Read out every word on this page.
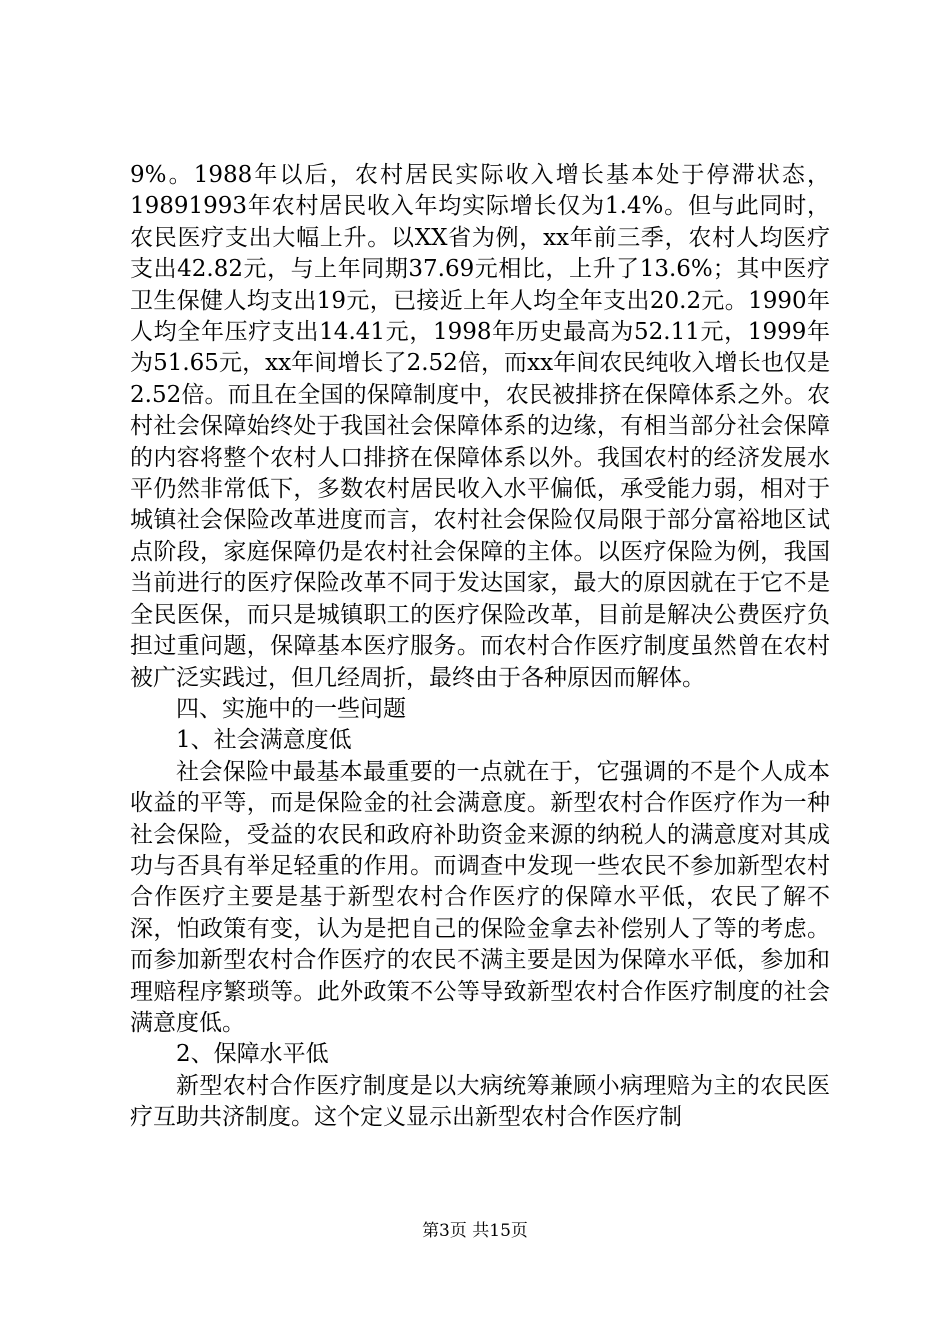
9%。1988年以后，农村居民实际收入增长基本处于停滞状态，19891993年农村居民收入年均实际增长仅为1.4%。但与此同时，农民医疗支出大幅上升。以XX省为例，xx年前三季，农村人均医疗支出42.82元，与上年同期37.69元相比，上升了13.6%；其中医疗卫生保健人均支出19元，已接近上年人均全年支出20.2元。1990年人均全年压疗支出14.41元，1998年历史最高为52.11元，1999年为51.65元，xx年间增长了2.52倍，而xx年间农民纯收入增长也仅是2.52倍。而且在全国的保障制度中，农民被排挤在保障体系之外。农村社会保障始终处于我国社会保障体系的边缘，有相当部分社会保障的内容将整个农村人口排挤在保障体系以外。我国农村的经济发展水平仍然非常低下，多数农村居民收入水平偏低，承受能力弱，相对于城镇社会保险改革进度而言，农村社会保险仅局限于部分富裕地区试点阶段，家庭保障仍是农村社会保障的主体。以医疗保险为例，我国当前进行的医疗保险改革不同于发达国家，最大的原因就在于它不是全民医保，而只是城镇职工的医疗保险改革，目前是解决公费医疗负担过重问题，保障基本医疗服务。而农村合作医疗制度虽然曾在农村被广泛实践过，但几经周折，最终由于各种原因而解体。

四、实施中的一些问题

1、社会满意度低

社会保险中最基本最重要的一点就在于，它强调的不是个人成本收益的平等，而是保险金的社会满意度。新型农村合作医疗作为一种社会保险，受益的农民和政府补助资金来源的纳税人的满意度对其成功与否具有举足轻重的作用。而调查中发现一些农民不参加新型农村合作医疗主要是基于新型农村合作医疗的保障水平低，农民了解不深，怕政策有变，认为是把自己的保险金拿去补偿别人了等的考虑。而参加新型农村合作医疗的农民不满主要是因为保障水平低，参加和理赔程序繁琐等。此外政策不公等导致新型农村合作医疗制度的社会满意度低。

2、保障水平低

新型农村合作医疗制度是以大病统筹兼顾小病理赔为主的农民医疗互助共济制度。这个定义显示出新型农村合作医疗制

第3页 共15页
